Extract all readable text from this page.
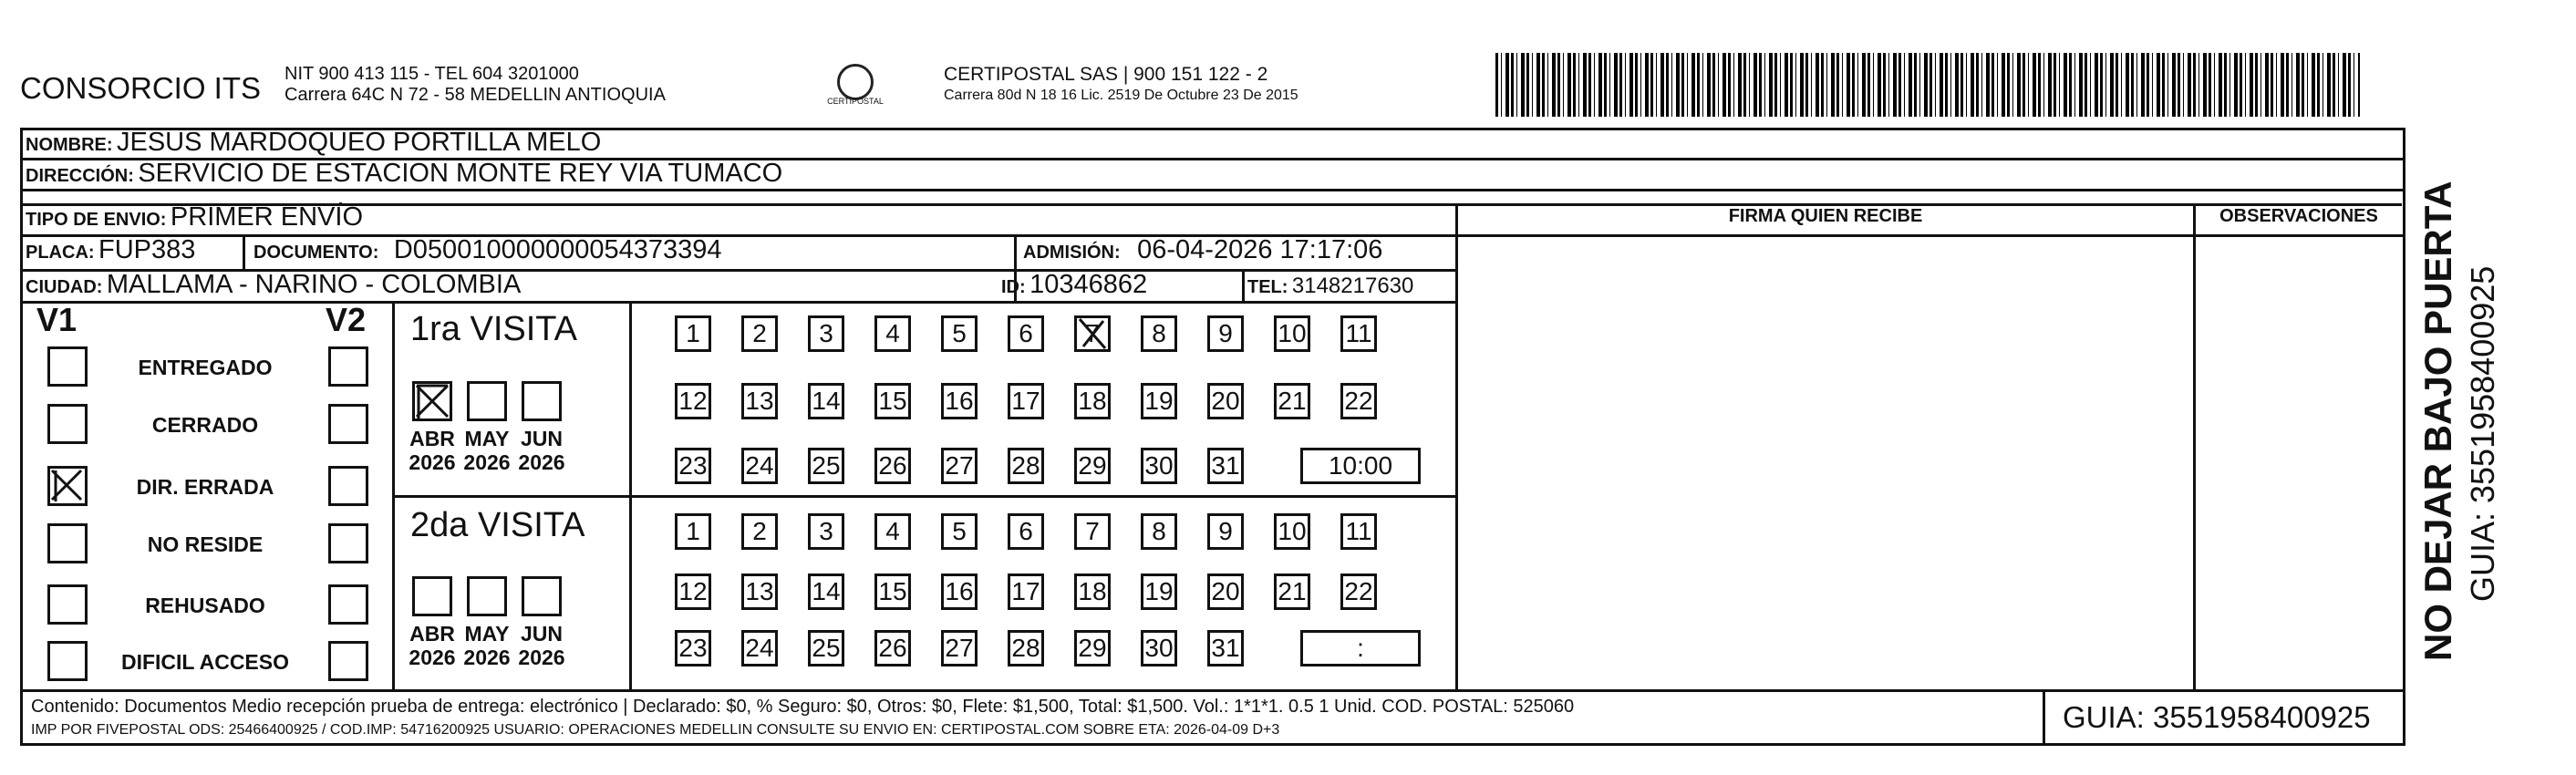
CONSORCIO ITS NIT 900 413 115 - TEL 604 3201000
Carrera 64C N 72 - 58 MEDELLIN ANTIOQUIA	CERTIPOSTAL
CERTIPOSTAL SAS | 900 151 122 - 2
Carrera 80d N 18 16 Lic. 2519 De Octubre 23 De 2015
NOMBRE: JESUS MARDOQUEO PORTILLA MELO
DIRECCIÓN: SERVICIO DE ESTACION MONTE REY VIA TUMACO
TIPO DE ENVIO: PRIMER ENVÍO
PLACA: FUP383	DOCUMENTO: D050010000000054373394	ADMISIÓN: 06-04-2026 17:17:06
CIUDAD: MALLAMA - NARINO - COLOMBIA	ID: 10346862	TEL: 3148217630
FIRMA QUIEN RECIBE	OBSERVACIONES
V1	V2
ENTREGADO
CERRADO
DIR. ERRADA
NO RESIDE
REHUSADO
DIFICIL ACCESO
1ra VISITA
2da VISITA
ABR
2026
MAY
2026
JUN
2026
ABR
2026
MAY
2026
JUN
2026
1	2	3	4	5	6	7	8	9	10 11
12 13 14 15 16 17 18 19 20 21 22
23 24 25 26 27 28 29 30 31	10:00
1	2	3	4	5	6	7	8	9	10 11
12 13 14 15 16 17 18 19 20 21 22
23 24 25 26 27 28 29 30 31	:
Contenido: Documentos Medio recepción prueba de entrega: electrónico | Declarado: $0, % Seguro: $0, Otros: $0, Flete: $1,500, Total: $1,500. Vol.: 1*1*1. 0.5 1 Unid. COD. POSTAL: 525060
IMP POR FIVEPOSTAL ODS: 25466400925 / COD.IMP: 54716200925 USUARIO: OPERACIONES MEDELLIN CONSULTE SU ENVIO EN: CERTIPOSTAL.COM SOBRE ETA: 2026-04-09 D+3	GUIA: 3551958400925
NO DEJAR BAJO PUERTA GUIA: 3551958400925
